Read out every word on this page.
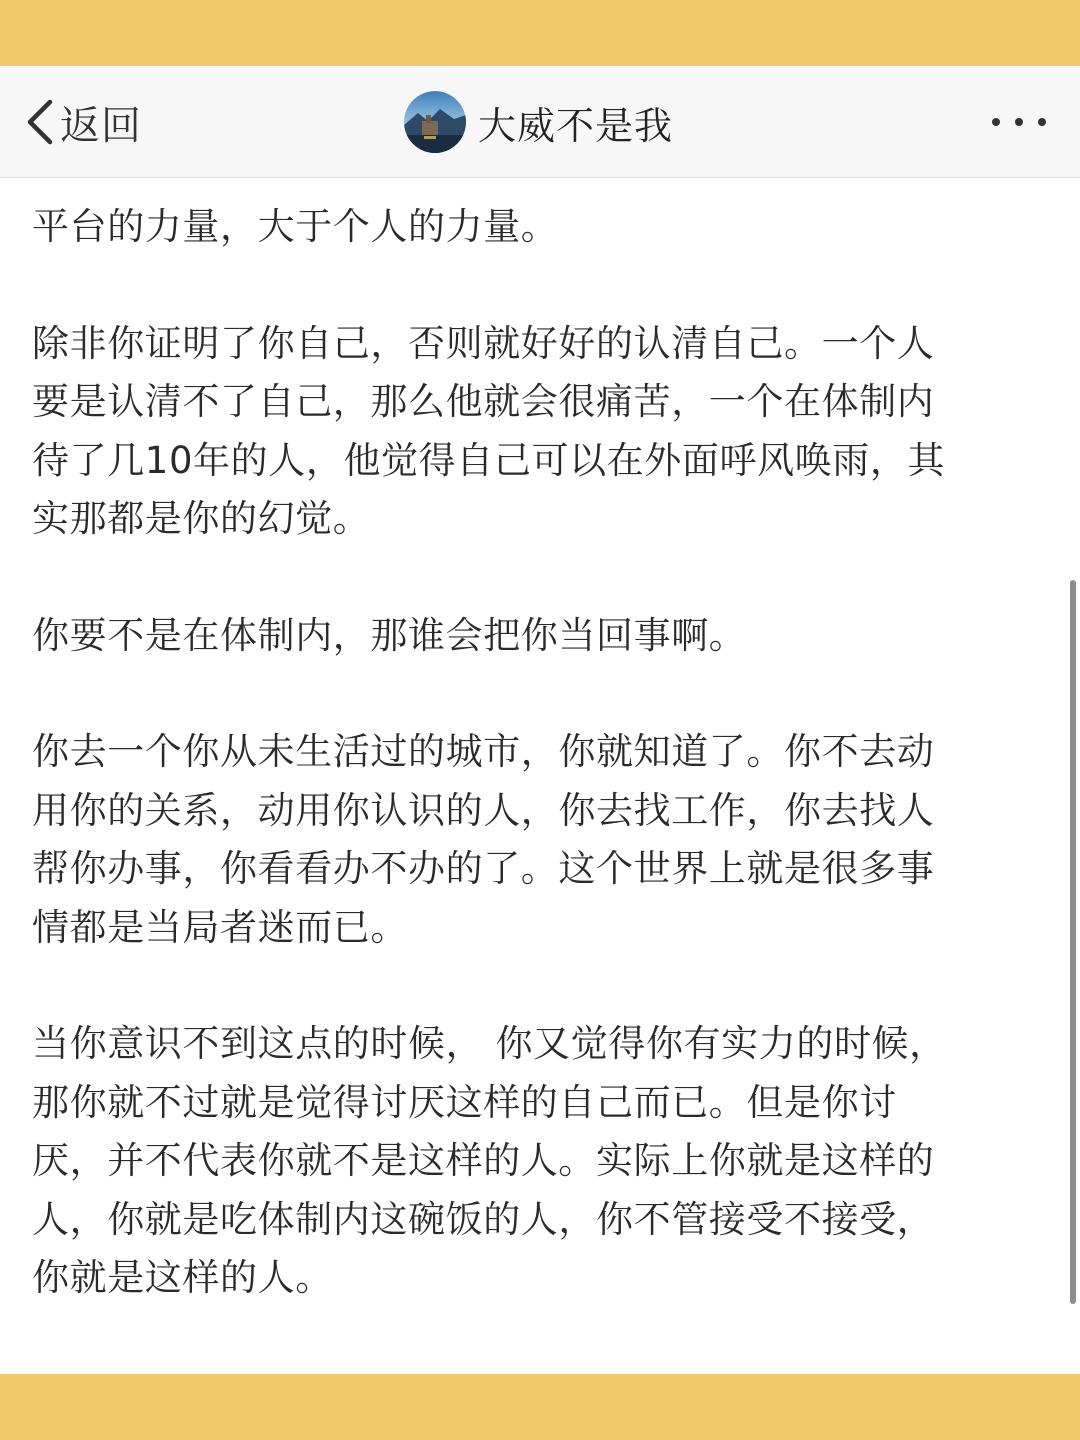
返回	大威不是我

平台的力量，大于个人的力量。

除非你证明了你自己，否则就好好的认清自己。一个人
要是认清不了自己，那么他就会很痛苦，一个在体制内
待了几10年的人，他觉得自己可以在外面呼风唤雨，其
实那都是你的幻觉。

你要不是在体制内，那谁会把你当回事啊。

你去一个你从未生活过的城市，你就知道了。你不去动
用你的关系，动用你认识的人，你去找工作，你去找人
帮你办事，你看看办不办的了。这个世界上就是很多事
情都是当局者迷而已。

当你意识不到这点的时候， 你又觉得你有实力的时候，
那你就不过就是觉得讨厌这样的自己而已。但是你讨
厌，并不代表你就不是这样的人。实际上你就是这样的
人，你就是吃体制内这碗饭的人，你不管接受不接受，
你就是这样的人。
